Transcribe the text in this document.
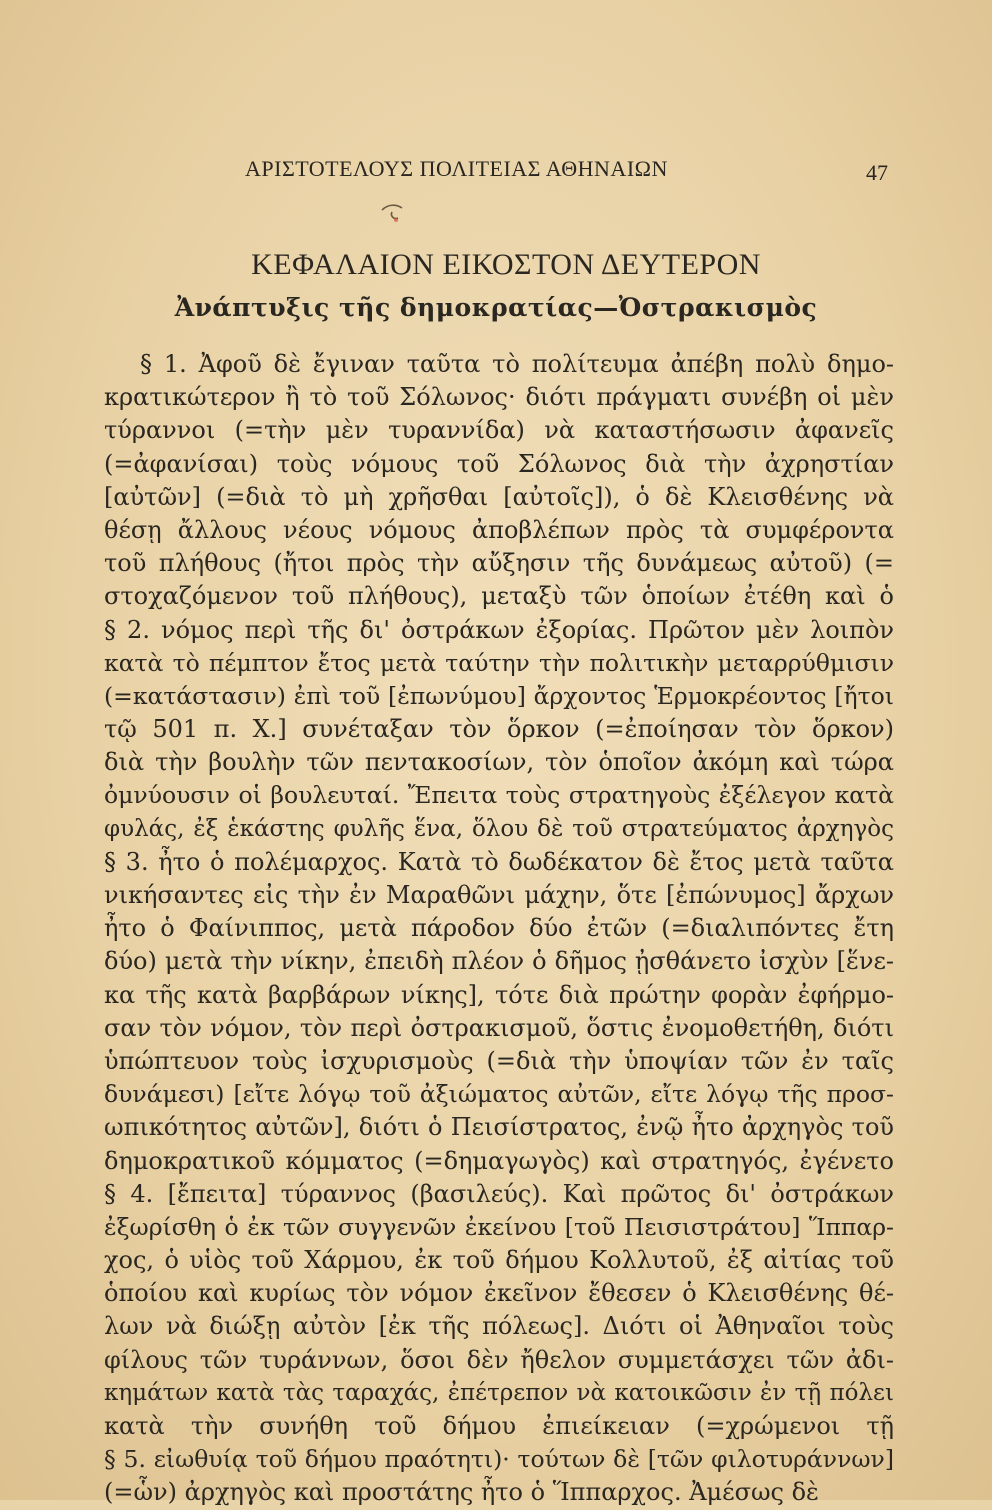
ΑΡΙΣΤΟΤΕΛΟΥΣ ΠΟΛΙΤΕΙΑΣ ΑΘΗΝΑΙΩΝ	47
ΚΕΦΑΛΑΙΟΝ ΕΙΚΟΣΤΟΝ ΔΕΥΤΕΡΟΝ
Ἀνάπτυξις τῆς δημοκρατίας—Ὀστρακισμὸς
§ 1. Ἀφοῦ δὲ ἔγιναν ταῦτα τὸ πολίτευμα ἀπέβη πολὺ δημο-
κρατικώτερον ἢ τὸ τοῦ Σόλωνος· διότι πράγματι συνέβη οἱ μὲν
τύραννοι (=τὴν μὲν τυραννίδα) νὰ καταστήσωσιν ἀφανεῖς
(=ἀφανίσαι) τοὺς νόμους τοῦ Σόλωνος διὰ τὴν ἀχρηστίαν
[αὐτῶν] (=διὰ τὸ μὴ χρῆσθαι [αὐτοῖς]), ὁ δὲ Κλεισθένης νὰ
θέσῃ ἄλλους νέους νόμους ἀποβλέπων πρὸς τὰ συμφέροντα
τοῦ πλήθους (ἤτοι πρὸς τὴν αὔξησιν τῆς δυνάμεως αὐτοῦ) (=
στοχαζόμενον τοῦ πλήθους), μεταξὺ τῶν ὁποίων ἐτέθη καὶ ὁ
§ 2. νόμος περὶ τῆς δι' ὀστράκων ἐξορίας. Πρῶτον μὲν λοιπὸν
κατὰ τὸ πέμπτον ἔτος μετὰ ταύτην τὴν πολιτικὴν μεταρρύθμισιν
(=κατάστασιν) ἐπὶ τοῦ [ἐπωνύμου] ἄρχοντος Ἑρμοκρέοντος [ἤτοι
τῷ 501 π. Χ.] συνέταξαν τὸν ὅρκον (=ἐποίησαν τὸν ὅρκον)
διὰ τὴν βουλὴν τῶν πεντακοσίων, τὸν ὁποῖον ἀκόμη καὶ τώρα
ὀμνύουσιν οἱ βουλευταί. Ἔπειτα τοὺς στρατηγοὺς ἐξέλεγον κατὰ
φυλάς, ἐξ ἑκάστης φυλῆς ἕνα, ὅλου δὲ τοῦ στρατεύματος ἀρχηγὸς
§ 3. ἦτο ὁ πολέμαρχος. Κατὰ τὸ δωδέκατον δὲ ἔτος μετὰ ταῦτα
νικήσαντες εἰς τὴν ἐν Μαραθῶνι μάχην, ὅτε [ἐπώνυμος] ἄρχων
ἦτο ὁ Φαίνιππος, μετὰ πάροδον δύο ἐτῶν (=διαλιπόντες ἔτη
δύο) μετὰ τὴν νίκην, ἐπειδὴ πλέον ὁ δῆμος ᾐσθάνετο ἰσχὺν [ἕνε-
κα τῆς κατὰ βαρβάρων νίκης], τότε διὰ πρώτην φορὰν ἐφήρμο-
σαν τὸν νόμον, τὸν περὶ ὀστρακισμοῦ, ὅστις ἐνομοθετήθη, διότι
ὑπώπτευον τοὺς ἰσχυρισμοὺς (=διὰ τὴν ὑποψίαν τῶν ἐν ταῖς
δυνάμεσι) [εἴτε λόγῳ τοῦ ἀξιώματος αὐτῶν, εἴτε λόγῳ τῆς προσ-
ωπικότητος αὐτῶν], διότι ὁ Πεισίστρατος, ἐνῷ ἦτο ἀρχηγὸς τοῦ
δημοκρατικοῦ κόμματος (=δημαγωγὸς) καὶ στρατηγός, ἐγένετο
§ 4. [ἔπειτα] τύραννος (βασιλεύς). Καὶ πρῶτος δι' ὀστράκων
ἐξωρίσθη ὁ ἐκ τῶν συγγενῶν ἐκείνου [τοῦ Πεισιστράτου] Ἵππαρ-
χος, ὁ υἱὸς τοῦ Χάρμου, ἐκ τοῦ δήμου Κολλυτοῦ, ἐξ αἰτίας τοῦ
ὁποίου καὶ κυρίως τὸν νόμον ἐκεῖνον ἔθεσεν ὁ Κλεισθένης θέ-
λων νὰ διώξῃ αὐτὸν [ἐκ τῆς πόλεως]. Διότι οἱ Ἀθηναῖοι τοὺς
φίλους τῶν τυράννων, ὅσοι δὲν ἤθελον συμμετάσχει τῶν ἀδι-
κημάτων κατὰ τὰς ταραχάς, ἐπέτρεπον νὰ κατοικῶσιν ἐν τῇ πόλει
κατὰ τὴν συνήθη τοῦ δήμου ἐπιείκειαν (=χρώμενοι τῇ
§ 5. εἰωθυίᾳ τοῦ δήμου πραότητι)· τούτων δὲ [τῶν φιλοτυράννων]
(=ὧν) ἀρχηγὸς καὶ προστάτης ἦτο ὁ Ἵππαρχος. Ἀμέσως δὲ
